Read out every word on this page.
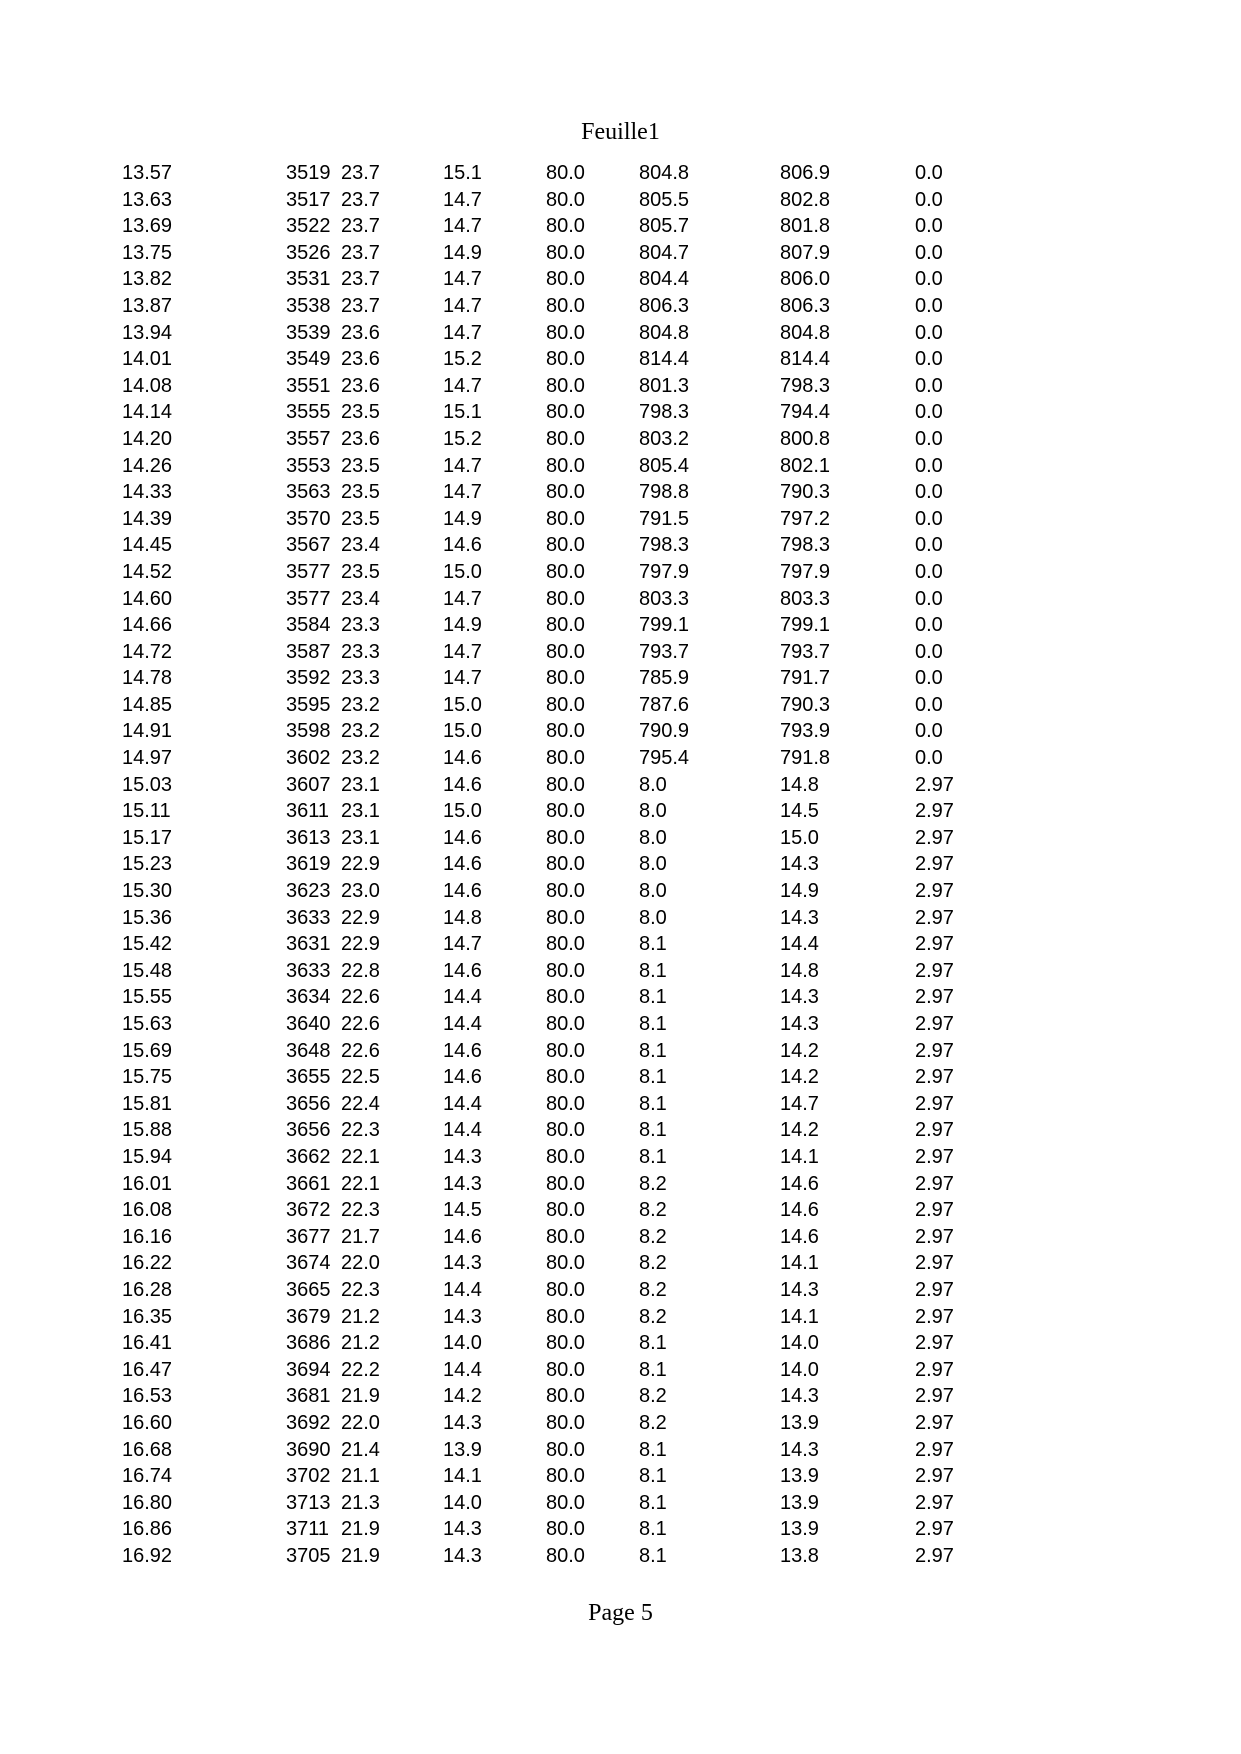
Feuille1
13.57	3519 23.7	15.1	80.0	804.8	806.9	0.0
13.63	3517 23.7	14.7	80.0	805.5	802.8	0.0
13.69	3522 23.7	14.7	80.0	805.7	801.8	0.0
13.75	3526 23.7	14.9	80.0	804.7	807.9	0.0
13.82	3531 23.7	14.7	80.0	804.4	806.0	0.0
13.87	3538 23.7	14.7	80.0	806.3	806.3	0.0
13.94	3539 23.6	14.7	80.0	804.8	804.8	0.0
14.01	3549 23.6	15.2	80.0	814.4	814.4	0.0
14.08	3551 23.6	14.7	80.0	801.3	798.3	0.0
14.14	3555 23.5	15.1	80.0	798.3	794.4	0.0
14.20	3557 23.6	15.2	80.0	803.2	800.8	0.0
14.26	3553 23.5	14.7	80.0	805.4	802.1	0.0
14.33	3563 23.5	14.7	80.0	798.8	790.3	0.0
14.39	3570 23.5	14.9	80.0	791.5	797.2	0.0
14.45	3567 23.4	14.6	80.0	798.3	798.3	0.0
14.52	3577 23.5	15.0	80.0	797.9	797.9	0.0
14.60	3577 23.4	14.7	80.0	803.3	803.3	0.0
14.66	3584 23.3	14.9	80.0	799.1	799.1	0.0
14.72	3587 23.3	14.7	80.0	793.7	793.7	0.0
14.78	3592 23.3	14.7	80.0	785.9	791.7	0.0
14.85	3595 23.2	15.0	80.0	787.6	790.3	0.0
14.91	3598 23.2	15.0	80.0	790.9	793.9	0.0
14.97	3602 23.2	14.6	80.0	795.4	791.8	0.0
15.03	3607 23.1	14.6	80.0	8.0	14.8	2.97
15.11	3611 23.1	15.0	80.0	8.0	14.5	2.97
15.17	3613 23.1	14.6	80.0	8.0	15.0	2.97
15.23	3619 22.9	14.6	80.0	8.0	14.3	2.97
15.30	3623 23.0	14.6	80.0	8.0	14.9	2.97
15.36	3633 22.9	14.8	80.0	8.0	14.3	2.97
15.42	3631 22.9	14.7	80.0	8.1	14.4	2.97
15.48	3633 22.8	14.6	80.0	8.1	14.8	2.97
15.55	3634 22.6	14.4	80.0	8.1	14.3	2.97
15.63	3640 22.6	14.4	80.0	8.1	14.3	2.97
15.69	3648 22.6	14.6	80.0	8.1	14.2	2.97
15.75	3655 22.5	14.6	80.0	8.1	14.2	2.97
15.81	3656 22.4	14.4	80.0	8.1	14.7	2.97
15.88	3656 22.3	14.4	80.0	8.1	14.2	2.97
15.94	3662 22.1	14.3	80.0	8.1	14.1	2.97
16.01	3661 22.1	14.3	80.0	8.2	14.6	2.97
16.08	3672 22.3	14.5	80.0	8.2	14.6	2.97
16.16	3677 21.7	14.6	80.0	8.2	14.6	2.97
16.22	3674 22.0	14.3	80.0	8.2	14.1	2.97
16.28	3665 22.3	14.4	80.0	8.2	14.3	2.97
16.35	3679 21.2	14.3	80.0	8.2	14.1	2.97
16.41	3686 21.2	14.0	80.0	8.1	14.0	2.97
16.47	3694 22.2	14.4	80.0	8.1	14.0	2.97
16.53	3681 21.9	14.2	80.0	8.2	14.3	2.97
16.60	3692 22.0	14.3	80.0	8.2	13.9	2.97
16.68	3690 21.4	13.9	80.0	8.1	14.3	2.97
16.74	3702 21.1	14.1	80.0	8.1	13.9	2.97
16.80	3713 21.3	14.0	80.0	8.1	13.9	2.97
16.86	3711 21.9	14.3	80.0	8.1	13.9	2.97
16.92	3705 21.9	14.3	80.0	8.1	13.8	2.97
Page 5
